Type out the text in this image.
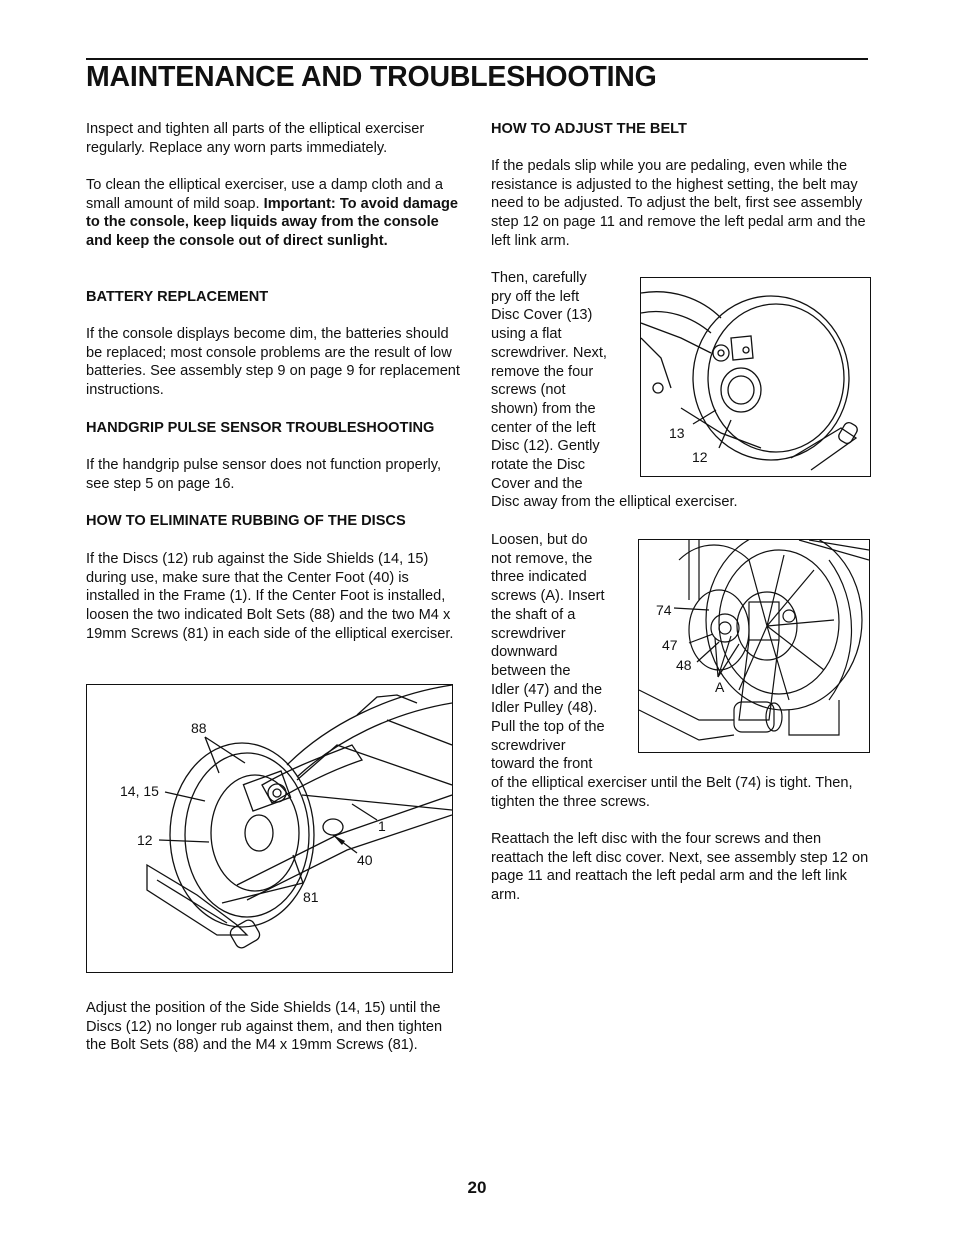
MAINTENANCE AND TROUBLESHOOTING

Inspect and tighten all parts of the elliptical exerciser regularly. Replace any worn parts immediately.

To clean the elliptical exerciser, use a damp cloth and a small amount of mild soap. Important: To avoid damage to the console, keep liquids away from the console and keep the console out of direct sunlight.

BATTERY REPLACEMENT

If the console displays become dim, the batteries should be replaced; most console problems are the result of low batteries. See assembly step 9 on page 9 for replacement instructions.

HANDGRIP PULSE SENSOR TROUBLESHOOTING

If the handgrip pulse sensor does not function properly, see step 5 on page 16.

HOW TO ELIMINATE RUBBING OF THE DISCS

If the Discs (12) rub against the Side Shields (14, 15) during use, make sure that the Center Foot (40) is installed in the Frame (1). If the Center Foot is installed, loosen the two indicated Bolt Sets (88) and the two M4 x 19mm Screws (81) in each side of the elliptical exerciser.

88
14, 15
12
1
40
81

Adjust the position of the Side Shields (14, 15) until the Discs (12) no longer rub against them, and then tighten the Bolt Sets (88) and the M4 x 19mm Screws (81).

HOW TO ADJUST THE BELT

If the pedals slip while you are pedaling, even while the resistance is adjusted to the highest setting, the belt may need to be adjusted. To adjust the belt, first see assembly step 12 on page 11 and remove the left pedal arm and the left link arm.

Then, carefully
pry off the left
Disc Cover (13)
using a flat
screwdriver. Next,
remove the four
screws (not
shown) from the
center of the left
Disc (12). Gently
rotate the Disc
Cover and the
Disc away from the elliptical exerciser.
13
12
Loosen, but do
not remove, the
three indicated
screws (A). Insert
the shaft of a
screwdriver
downward
between the
Idler (47) and the
Idler Pulley (48).
Pull the top of the
screwdriver
toward the front

of the elliptical exerciser until the Belt (74) is tight. Then, tighten the three screws.

74
47
48
A

Reattach the left disc with the four screws and then reattach the left disc cover. Next, see assembly step 12 on page 11 and reattach the left pedal arm and the left link arm.

20
